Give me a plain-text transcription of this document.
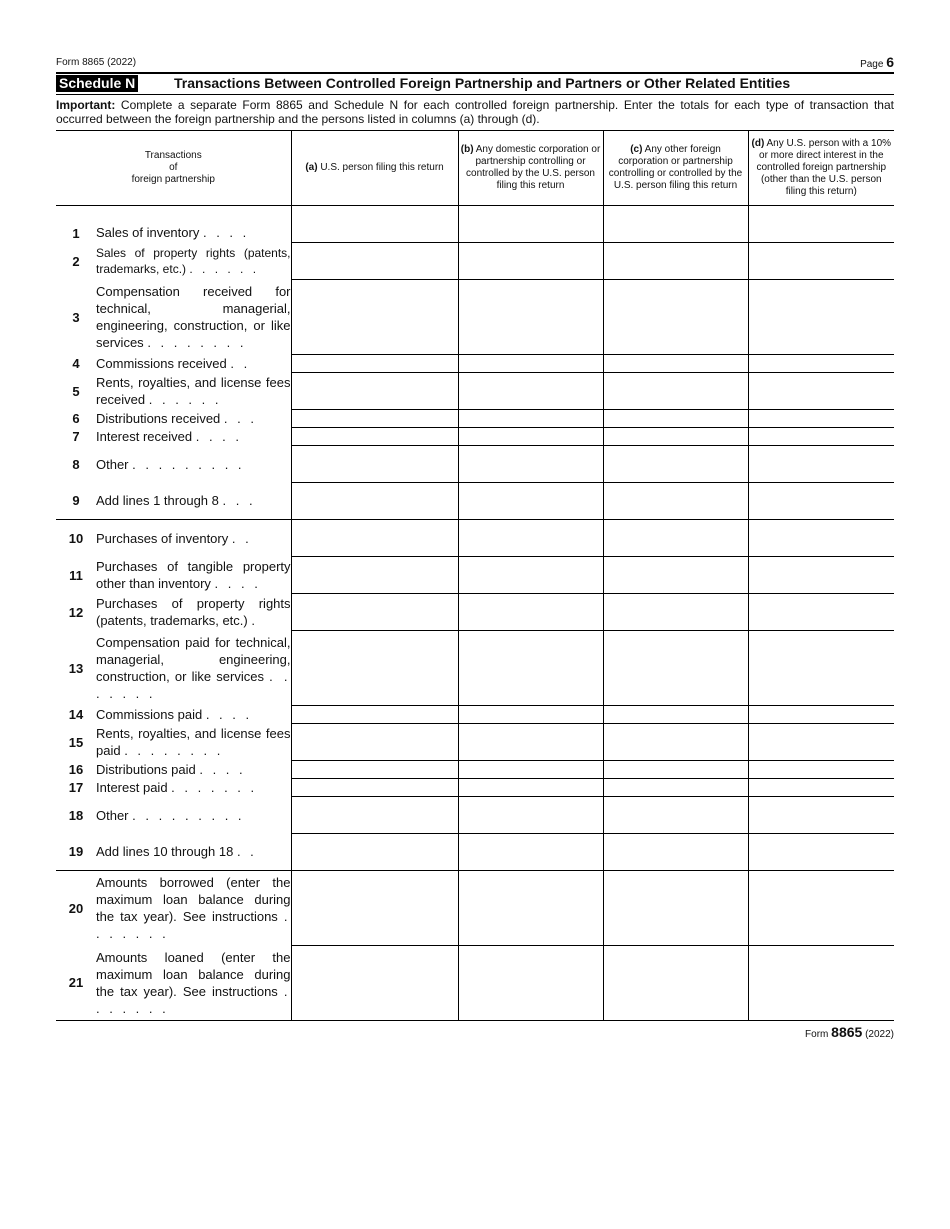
Form 8865 (2022)	Page 6
Schedule N	Transactions Between Controlled Foreign Partnership and Partners or Other Related Entities
Important: Complete a separate Form 8865 and Schedule N for each controlled foreign partnership. Enter the totals for each type of transaction that occurred between the foreign partnership and the persons listed in columns (a) through (d).
Transactions
of
foreign partnership		(a) U.S. person filing this return	(b) Any domestic corporation or partnership controlling or controlled by the U.S. person filing this return	(c) Any other foreign corporation or partnership controlling or controlled by the U.S. person filing this return	(d) Any U.S. person with a 10% or more direct interest in the controlled foreign partnership (other than the U.S. person filing this return)
1	Sales of inventory . . . .				

2	Sales of property rights (patents, trademarks, etc.) . . . . . .				

3	Compensation received for technical, managerial, engineering, construction, or like services . . . . . . . .				

4	Commissions received . .				

5	Rents, royalties, and license fees received . . . . . .				

6	Distributions received . . .				

7	Interest received . . . .				

8	Other . . . . . . . . .				

9	Add lines 1 through 8 . . .				

10	Purchases of inventory . .				

11	Purchases of tangible property other than inventory . . . .				

12	Purchases of property rights (patents, trademarks, etc.) .				

13	Compensation paid for technical, managerial, engineering, construction, or like services . . . . . . .				

14	Commissions paid . . . .				

15	Rents, royalties, and license fees paid . . . . . . . .				

16	Distributions paid . . . .				

17	Interest paid . . . . . . .				

18	Other . . . . . . . . .				

19	Add lines 10 through 18 . .				

20	Amounts borrowed (enter the maximum loan balance during the tax year). See instructions . . . . . . .				

21	Amounts loaned (enter the maximum loan balance during the tax year). See instructions . . . . . . .				

Form 8865 (2022)
